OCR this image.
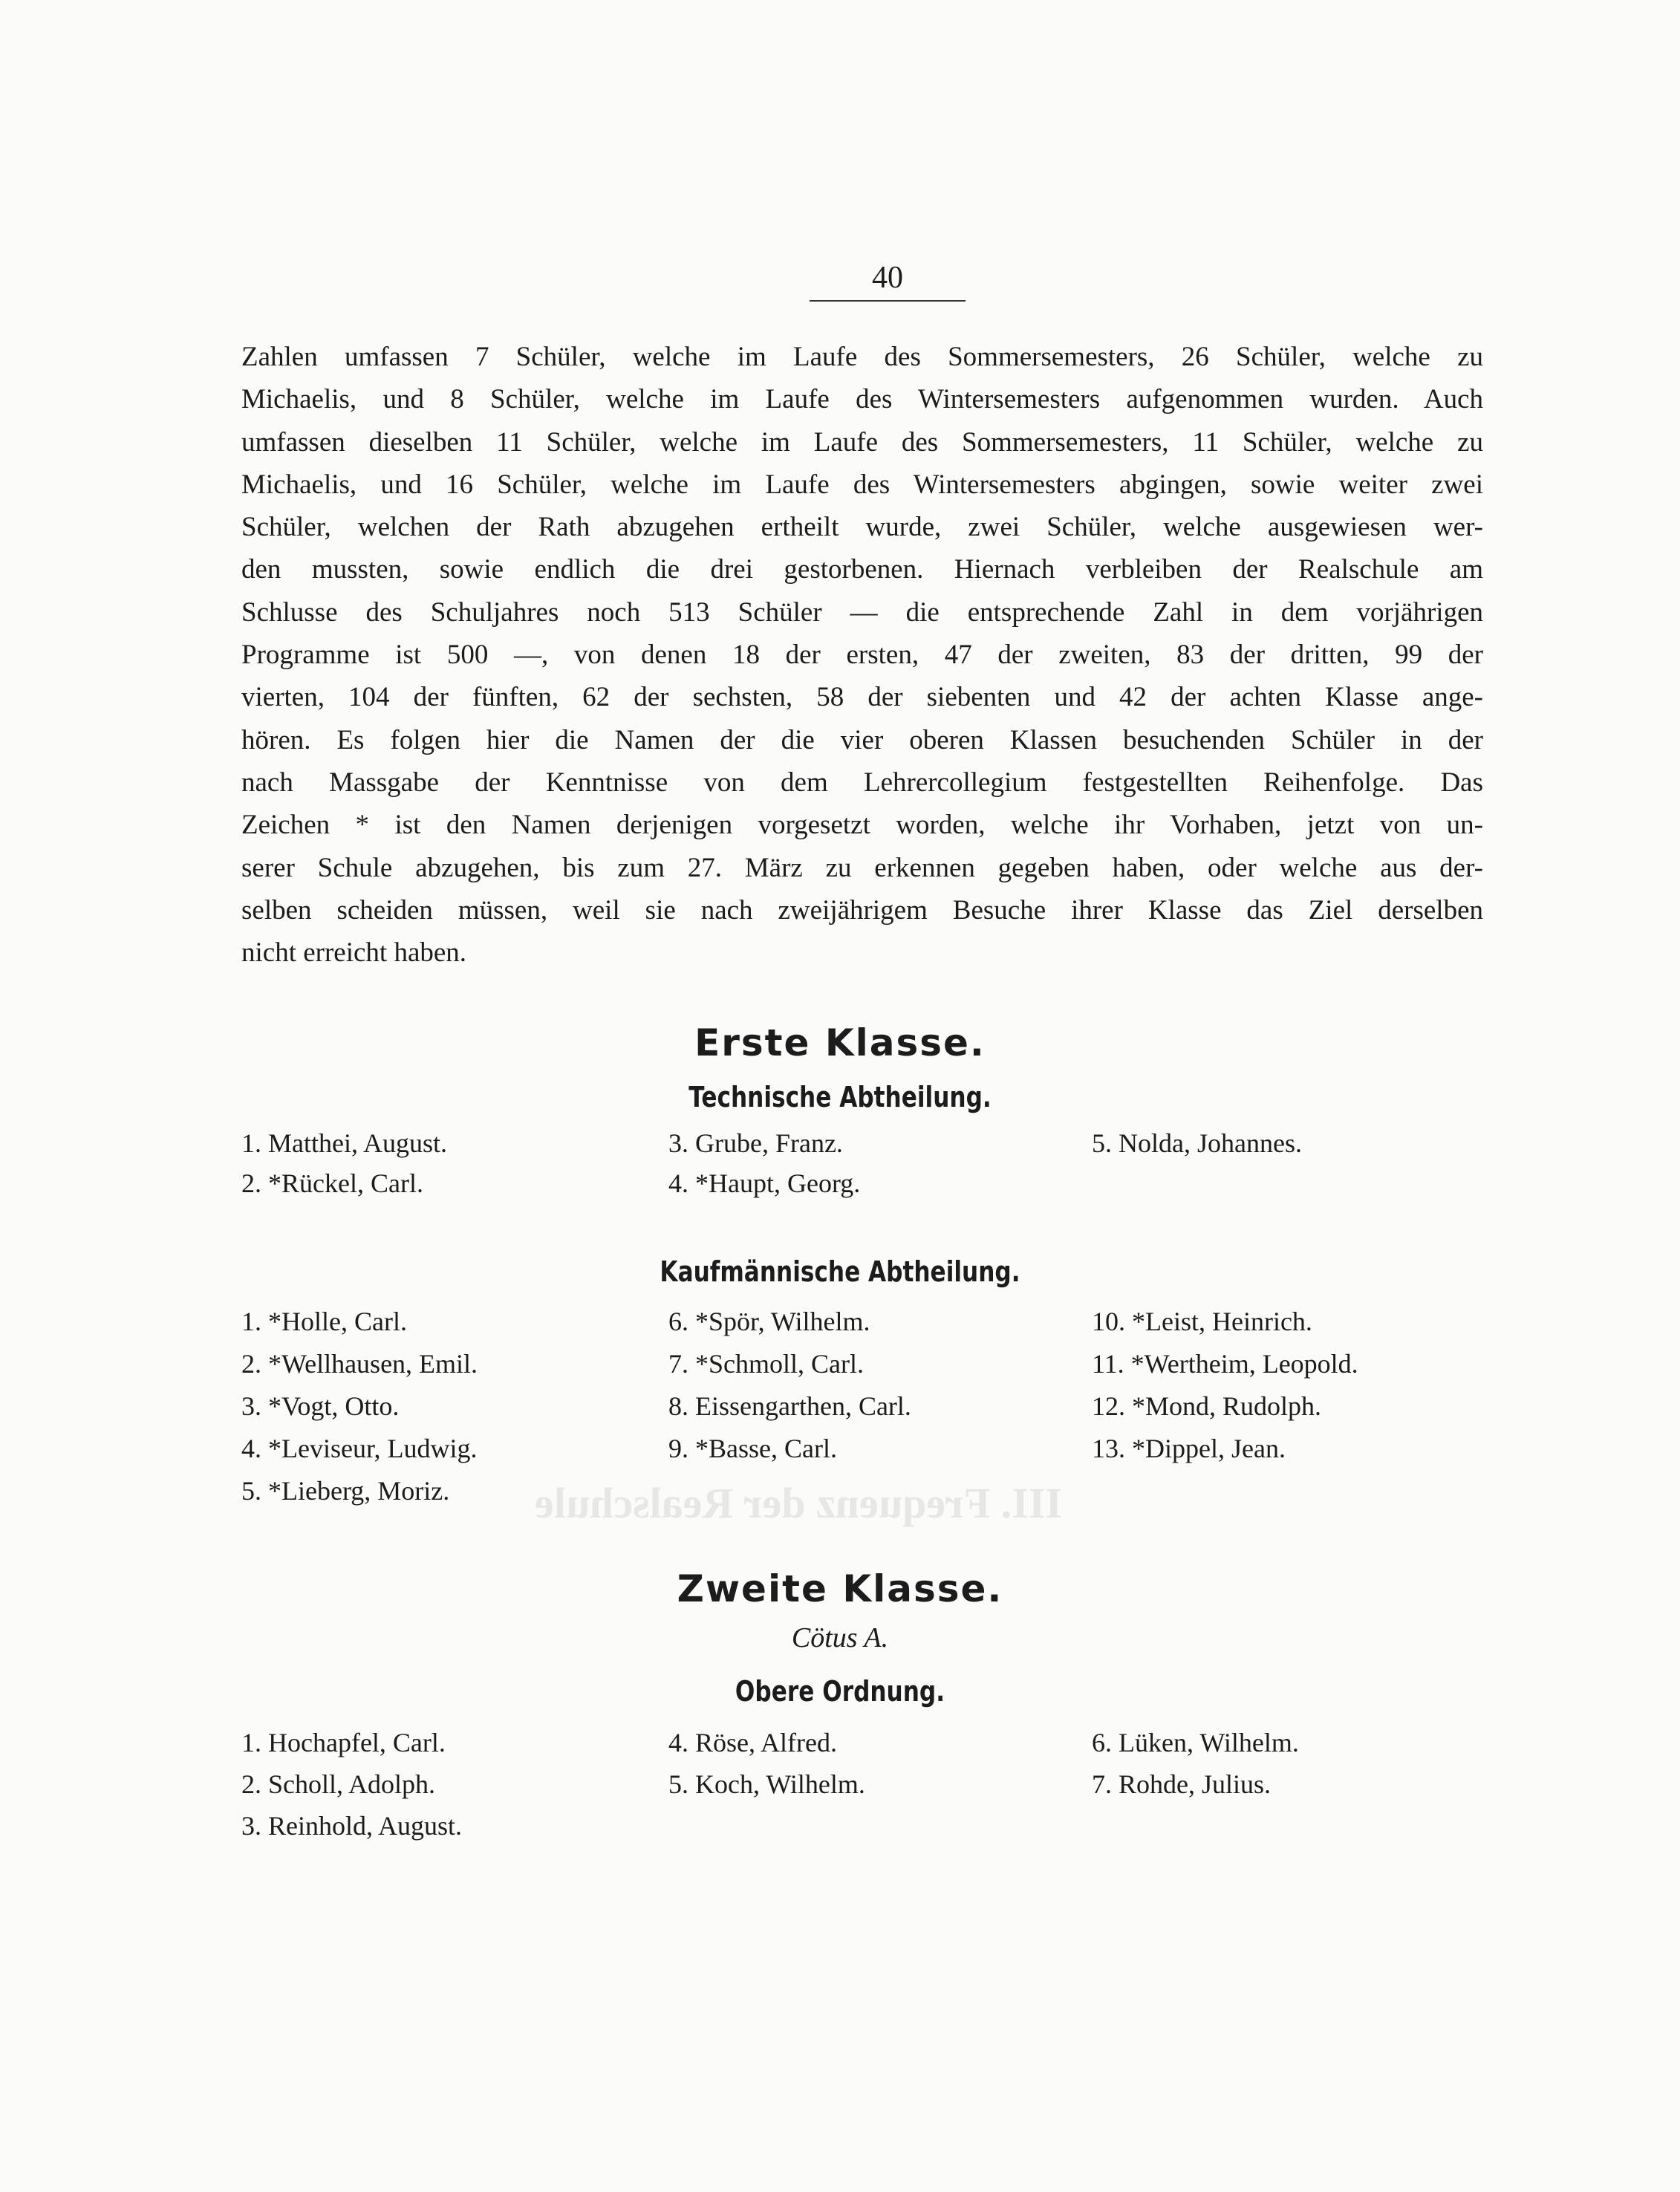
III. Frequenz der Realschule
40
Zahlen umfassen 7 Schüler, welche im Laufe des Sommersemesters, 26 Schüler, welche zu
Michaelis, und 8 Schüler, welche im Laufe des Wintersemesters aufgenommen wurden. Auch
umfassen dieselben 11 Schüler, welche im Laufe des Sommersemesters, 11 Schüler, welche zu
Michaelis, und 16 Schüler, welche im Laufe des Wintersemesters abgingen, sowie weiter zwei
Schüler, welchen der Rath abzugehen ertheilt wurde, zwei Schüler, welche ausgewiesen wer-
den mussten, sowie endlich die drei gestorbenen. Hiernach verbleiben der Realschule am
Schlusse des Schuljahres noch 513 Schüler — die entsprechende Zahl in dem vorjährigen
Programme ist 500 —, von denen 18 der ersten, 47 der zweiten, 83 der dritten, 99 der
vierten, 104 der fünften, 62 der sechsten, 58 der siebenten und 42 der achten Klasse ange-
hören. Es folgen hier die Namen der die vier oberen Klassen besuchenden Schüler in der
nach Massgabe der Kenntnisse von dem Lehrercollegium festgestellten Reihenfolge. Das
Zeichen * ist den Namen derjenigen vorgesetzt worden, welche ihr Vorhaben, jetzt von un-
serer Schule abzugehen, bis zum 27. März zu erkennen gegeben haben, oder welche aus der-
selben scheiden müssen, weil sie nach zweijährigem Besuche ihrer Klasse das Ziel derselben
nicht erreicht haben.
Erste Klasse.
Technische Abtheilung.
1. Matthei, August.	3. Grube, Franz.	5. Nolda, Johannes.
2. *Rückel, Carl.	4. *Haupt, Georg.
Kaufmännische Abtheilung.
1. *Holle, Carl.	6. *Spör, Wilhelm.	10. *Leist, Heinrich.
2. *Wellhausen, Emil.	7. *Schmoll, Carl.	11. *Wertheim, Leopold.
3. *Vogt, Otto.	8. Eissengarthen, Carl.	12. *Mond, Rudolph.
4. *Leviseur, Ludwig.	9. *Basse, Carl.	13. *Dippel, Jean.
5. *Lieberg, Moriz.
Zweite Klasse.
Cötus A.
Obere Ordnung.
1. Hochapfel, Carl.	4. Röse, Alfred.	6. Lüken, Wilhelm.
2. Scholl, Adolph.	5. Koch, Wilhelm.	7. Rohde, Julius.
3. Reinhold, August.
